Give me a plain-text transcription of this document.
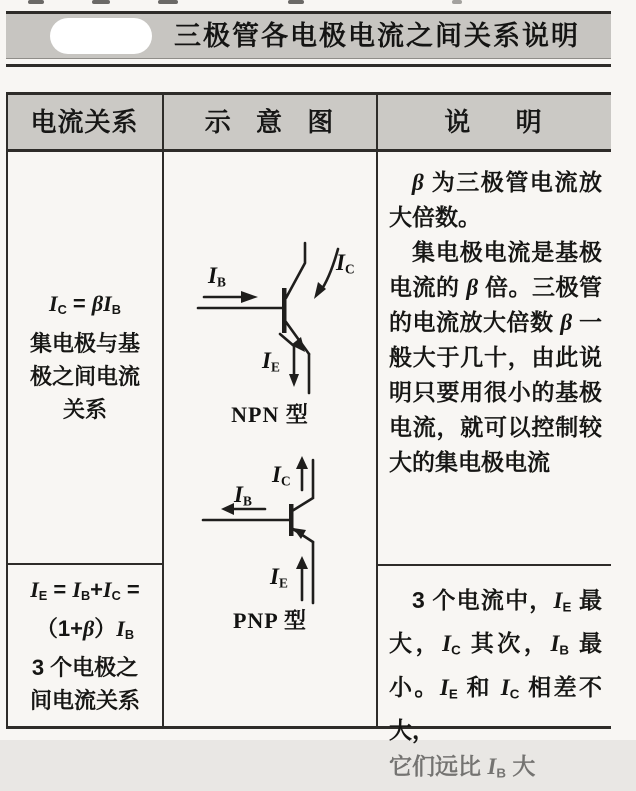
三极管各电极电流之间关系说明
电流关系	示 意 图	说 明
IC = βIB
集电极与基
极之间电流
关系
IE = IB+IC =
（1+β）IB
3 个电极之
间电流关系
IB
IC
IE
NPN 型
IB
IC
IE
PNP 型

β 为三极管电流放大倍数。

集电极电流是基极电流的 β 倍。三极管的电流放大倍数 β 一般大于几十，由此说明只要用很小的基极电流，就可以控制较大的集电极电流

3 个电流中，IE 最大，IC 其次，IB 最小。IE 和 IC 相差不大，

它们远比 IB 大
